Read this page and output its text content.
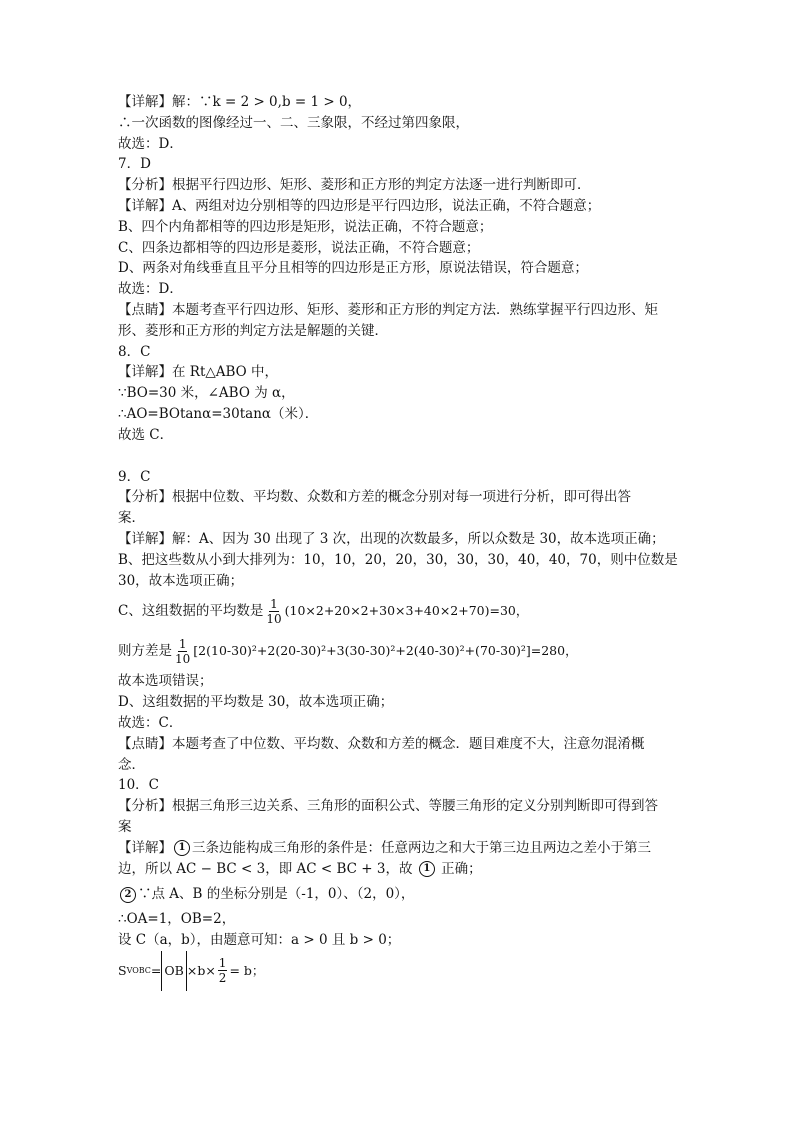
【详解】解：∵k = 2 > 0,b = 1 > 0，
∴一次函数的图像经过一、二、三象限，不经过第四象限，
故选：D．
7．D
【分析】根据平行四边形、矩形、菱形和正方形的判定方法逐一进行判断即可．
【详解】A、两组对边分别相等的四边形是平行四边形，说法正确，不符合题意；
B、四个内角都相等的四边形是矩形，说法正确，不符合题意；
C、四条边都相等的四边形是菱形，说法正确，不符合题意；
D、两条对角线垂直且平分且相等的四边形是正方形，原说法错误，符合题意；
故选：D．
【点睛】本题考查平行四边形、矩形、菱形和正方形的判定方法．熟练掌握平行四边形、矩
形、菱形和正方形的判定方法是解题的关键．
8．C
【详解】在 Rt△ABO 中，
∵BO=30 米，∠ABO 为 α，
∴AO=BOtanα=30tanα（米）．
故选 C．
9．C
【分析】根据中位数、平均数、众数和方差的概念分别对每一项进行分析，即可得出答
案．
【详解】解：A、因为 30 出现了 3 次，出现的次数最多，所以众数是 30，故本选项正确；
B、把这些数从小到大排列为：10，10，20，20，30，30，30，40，40，70，则中位数是
30，故本选项正确；
C、这组数据的平均数是 $\frac{1}{10} (10\times 2+20\times 2+30\times 3+40\times 2+70)=30$，
则方差是 $\frac{1}{10} [2(10-30)^2+2(20-30)^2+3(30-30)^2+2(40-30)^2+(70-30)^2]=280$，
故本选项错误；
D、这组数据的平均数是 30，故本选项正确；
故选：C．
【点睛】本题考查了中位数、平均数、众数和方差的概念．题目难度不大，注意勿混淆概
念．
10．C
【分析】根据三角形三边关系、三角形的面积公式、等腰三角形的定义分别判断即可得到答
案
【详解】 1 三条边能构成三角形的条件是：任意两边之和大于第三边且两边之差小于第三
边，所以 AC − BC < 3，即 AC < BC + 3，故 1 正确；
2 ∵点 A、B 的坐标分别是（-1，0）、（2，0），
∴OA=1，OB=2，
设 C（a，b），由题意可知：a > 0 且 b > 0；
S VOBC = OB $\times b\times \frac{1}{2} = b$；
